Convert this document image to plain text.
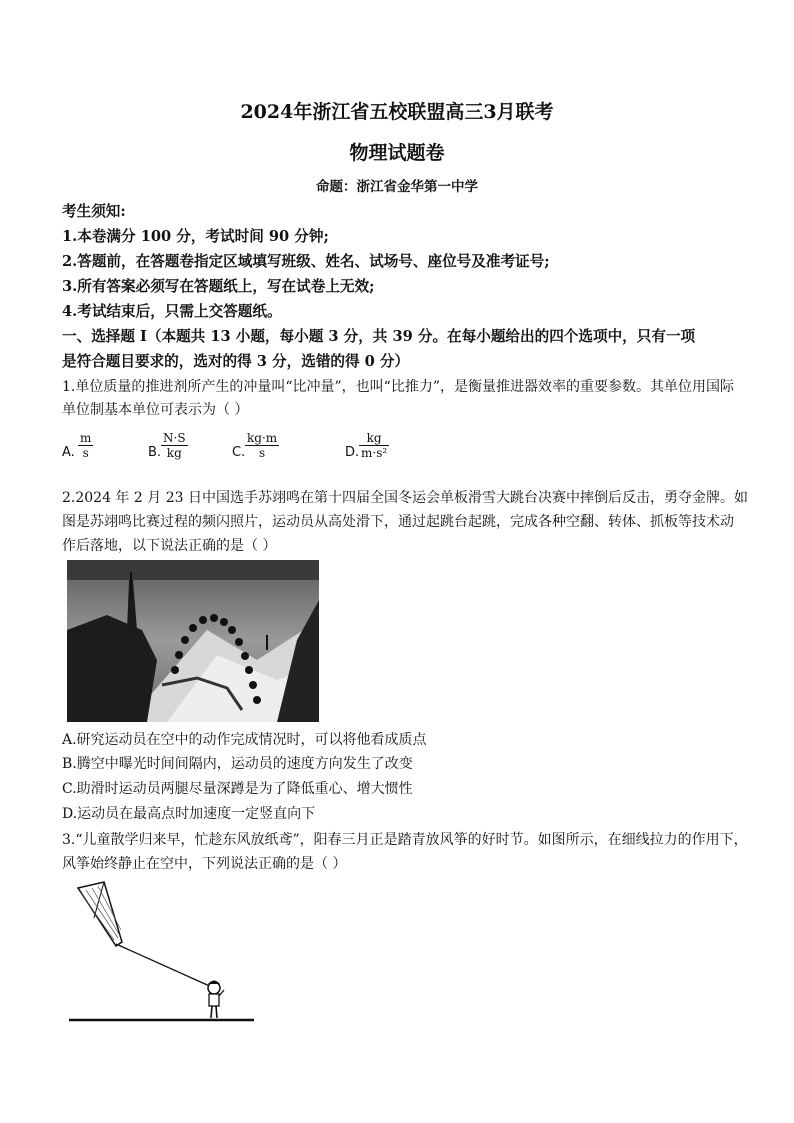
2024年浙江省五校联盟高三3月联考
物理试题卷
命题：浙江省金华第一中学
考生须知:
1.本卷满分 100 分，考试时间 90 分钟;
2.答题前，在答题卷指定区域填写班级、姓名、试场号、座位号及准考证号;
3.所有答案必须写在答题纸上，写在试卷上无效;
4.考试结束后，只需上交答题纸。
一、选择题 I（本题共 13 小题，每小题 3 分，共 39 分。在每小题给出的四个选项中，只有一项
是符合题目要求的，选对的得 3 分，选错的得 0 分）
1.单位质量的推进剂所产生的冲量叫“比冲量”，也叫“比推力”，是衡量推进器效率的重要参数。其单位用国际
单位制基本单位可表示为（ ）
A. $\frac{m}{s}$	B. $\frac{N\cdot S}{kg}$	C. $\frac{kg\cdot m}{s}$	D. $\frac{kg}{\text{m·s²}}$
2.2024 年 2 月 23 日中国选手苏翊鸣在第十四届全国冬运会单板滑雪大跳台决赛中摔倒后反击，勇夺金牌。如
图是苏翊鸣比赛过程的频闪照片，运动员从高处滑下，通过起跳台起跳，完成各种空翻、转体、抓板等技术动
作后落地，以下说法正确的是（ ）
A.研究运动员在空中的动作完成情况时，可以将他看成质点
B.腾空中曝光时间间隔内，运动员的速度方向发生了改变
C.助滑时运动员两腿尽量深蹲是为了降低重心、增大惯性
D.运动员在最高点时加速度一定竖直向下
3.“儿童散学归来早，忙趁东风放纸鸢”，阳春三月正是踏青放风筝的好时节。如图所示，在细线拉力的作用下，
风筝始终静止在空中，下列说法正确的是（ ）
